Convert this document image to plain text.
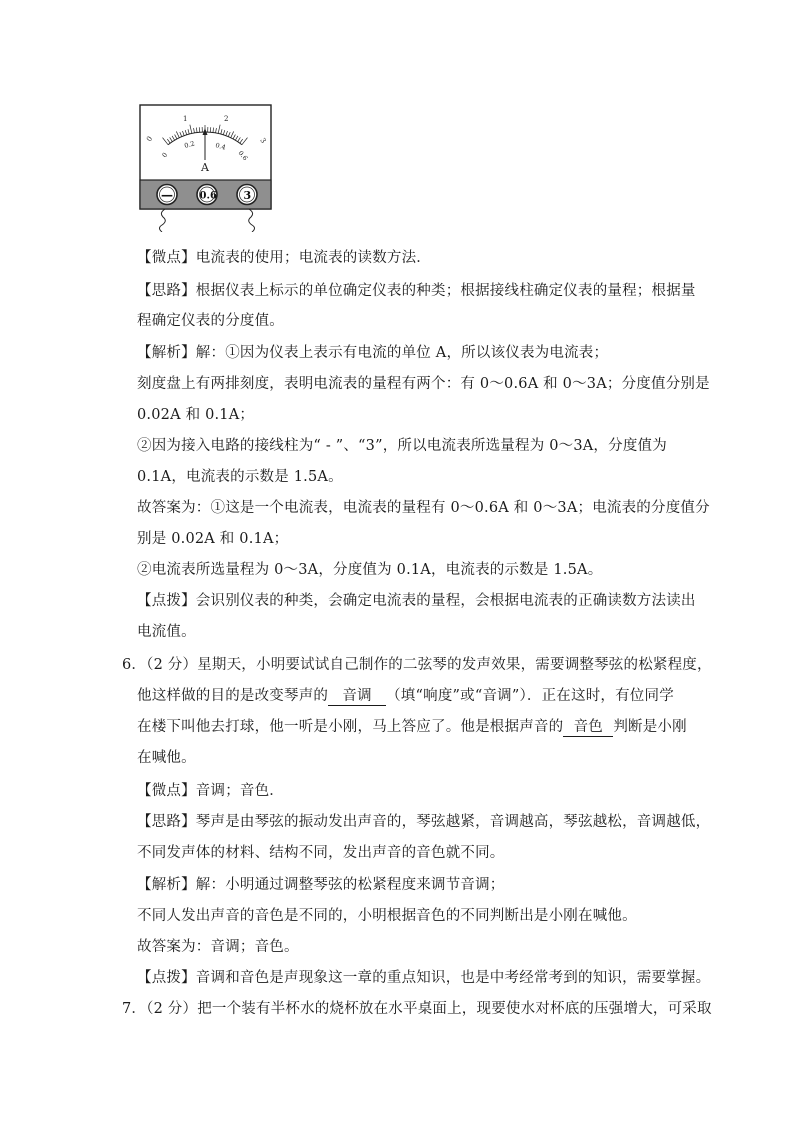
0
1	2
3
0
0.2	0.4
0.6
A
—	0.6 3
【微点】电流表的使用；电流表的读数方法．
【思路】根据仪表上标示的单位确定仪表的种类；根据接线柱确定仪表的量程；根据量
程确定仪表的分度值。
【解析】解：①因为仪表上表示有电流的单位 A，所以该仪表为电流表；
刻度盘上有两排刻度，表明电流表的量程有两个：有 0～0.6A 和 0～3A；分度值分别是
0.02A 和 0.1A；
②因为接入电路的接线柱为“ - ”、“3”，所以电流表所选量程为 0～3A，分度值为
0.1A，电流表的示数是 1.5A。
故答案为：①这是一个电流表，电流表的量程有 0～0.6A 和 0～3A；电流表的分度值分
别是 0.02A 和 0.1A；
②电流表所选量程为 0～3A，分度值为 0.1A，电流表的示数是 1.5A。
【点拨】会识别仪表的种类，会确定电流表的量程，会根据电流表的正确读数方法读出
电流值。
6．（2 分）星期天，小明要试试自己制作的二弦琴的发声效果，需要调整琴弦的松紧程度，
他这样做的目的是改变琴声的 音调 （填“响度”或“音调”）．正在这时，有位同学
在楼下叫他去打球，他一听是小刚，马上答应了。他是根据声音的 音色 判断是小刚
在喊他。
【微点】音调；音色．
【思路】琴声是由琴弦的振动发出声音的，琴弦越紧，音调越高，琴弦越松，音调越低，
不同发声体的材料、结构不同，发出声音的音色就不同。
【解析】解：小明通过调整琴弦的松紧程度来调节音调；
不同人发出声音的音色是不同的，小明根据音色的不同判断出是小刚在喊他。
故答案为：音调；音色。
【点拨】音调和音色是声现象这一章的重点知识，也是中考经常考到的知识，需要掌握。
7．（2 分）把一个装有半杯水的烧杯放在水平桌面上，现要使水对杯底的压强增大，可采取
